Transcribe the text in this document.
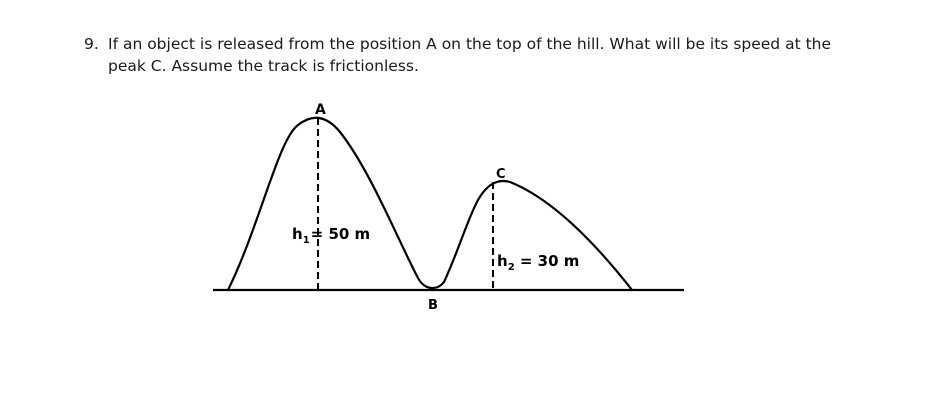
9. If an object is released from the position A on the top of the hill. What will be its speed at the
peak C. Assume the track is frictionless.
A
B
C
$h_1= 50$ m
$h_2 = 30$ m
